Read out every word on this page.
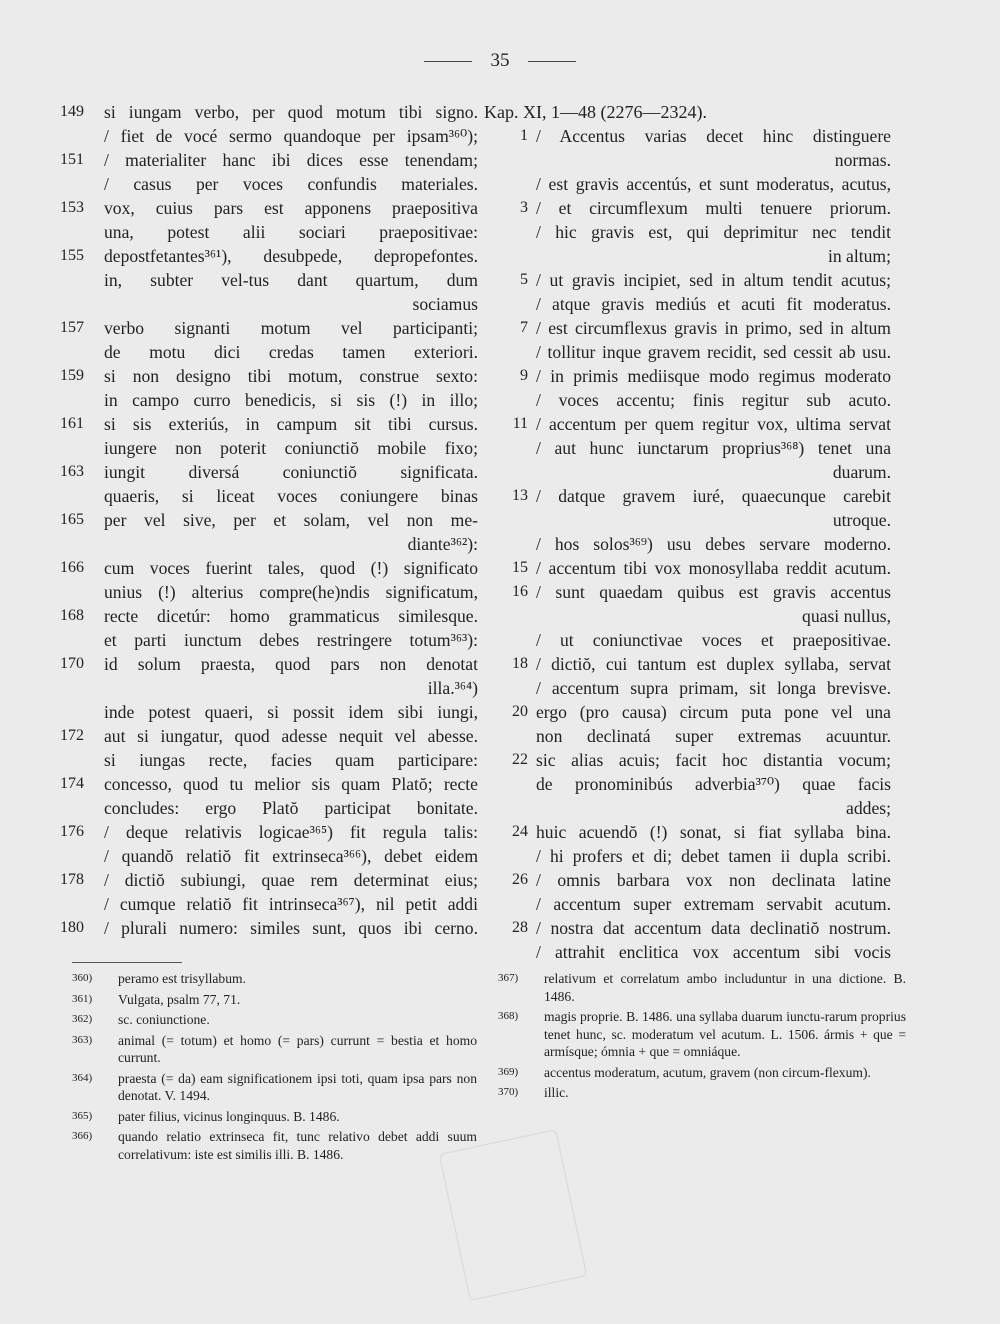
35
149	si iungam verbo, per quod motum tibi signo.
/ fiet de vocé sermo quandoque per ipsam³⁶⁰);
151	/ materialiter hanc ibi dices esse tenendam;
/ casus per voces confundis materiales.
153	vox, cuius pars est apponens praepositiva
una, potest alii sociari praepositivae:
155	depostfetantes³⁶¹), desubpede, depropefontes.
in, subter vel-tus dant quartum, dum
sociamus
157	verbo signanti motum vel participanti;
de motu dici credas tamen exteriori.
159	si non designo tibi motum, construe sexto:
in campo curro benedicis, si sis (!) in illo;
161	si sis exteriús, in campum sit tibi cursus.
iungere non poterit coniunctiŏ mobile fixo;
163	iungit diversá coniunctiŏ significata.
quaeris, si liceat voces coniungere binas
165	per vel sive, per et solam, vel non me-
diante³⁶²):
166	cum voces fuerint tales, quod (!) significato
unius (!) alterius compre(he)ndis significatum,
168	recte dicetúr: homo grammaticus similesque.
et parti iunctum debes restringere totum³⁶³):
170	id solum praesta, quod pars non denotat
illa.³⁶⁴)
inde potest quaeri, si possit idem sibi iungi,
172	aut si iungatur, quod adesse nequit vel abesse.
si iungas recte, facies quam participare:
174	concesso, quod tu melior sis quam Platŏ; recte
concludes: ergo Platŏ participat bonitate.
176	/ deque relativis logicae³⁶⁵) fit regula talis:
/ quandŏ relatiŏ fit extrinseca³⁶⁶), debet eidem
178	/ dictiŏ subiungi, quae rem determinat eius;
/ cumque relatiŏ fit intrinseca³⁶⁷), nil petit addi
180	/ plurali numero: similes sunt, quos ibi cerno.
Kap. XI, 1—48 (2276—2324).
1 / Accentus varias decet hinc distinguere
normas.
/ est gravis accentús, et sunt moderatus, acutus,
3 / et circumflexum multi tenuere priorum.
/ hic gravis est, qui deprimitur nec tendit
in altum;
5 / ut gravis incipiet, sed in altum tendit acutus;
/ atque gravis mediús et acuti fit moderatus.
7 / est circumflexus gravis in primo, sed in altum
/ tollitur inque gravem recidit, sed cessit ab usu.
9 / in primis mediisque modo regimus moderato
/ voces accentu; finis regitur sub acuto.
11 / accentum per quem regitur vox, ultima servat
/ aut hunc iunctarum proprius³⁶⁸) tenet una
duarum.
13 / datque gravem iuré, quaecunque carebit
utroque.
/ hos solos³⁶⁹) usu debes servare moderno.
15 / accentum tibi vox monosyllaba reddit acutum.
16 / sunt quaedam quibus est gravis accentus
quasi nullus,
/ ut coniunctivae voces et praepositivae.
18 / dictiŏ, cui tantum est duplex syllaba, servat
/ accentum supra primam, sit longa brevisve.
20 ergo (pro causa) circum puta pone vel una
non declinatá super extremas acuuntur.
22 sic alias acuis; facit hoc distantia vocum;
de pronominibús adverbia³⁷⁰) quae facis
addes;
24 huic acuendŏ (!) sonat, si fiat syllaba bina.
/ hi profers et di; debet tamen ii dupla scribi.
26 / omnis barbara vox non declinata latine
/ accentum super extremam servabit acutum.
28 / nostra dat accentum data declinatiŏ nostrum.
/ attrahit enclitica vox accentum sibi vocis
360)	peramo est trisyllabum.
361)	Vulgata, psalm 77, 71.
362)	sc. coniunctione.
363)	animal (= totum) et homo (= pars) currunt = bestia et homo currunt.
364)	praesta (= da) eam significationem ipsi toti, quam ipsa pars non denotat. V. 1494.
365)	pater filius, vicinus longinquus. B. 1486.
366)	quando relatio extrinseca fit, tunc relativo debet addi suum correlativum: iste est similis illi. B. 1486.
367)	relativum et correlatum ambo includuntur in una dictione. B. 1486.
368)	magis proprie. B. 1486. una syllaba duarum iunctu-rarum proprius tenet hunc, sc. moderatum vel acutum. L. 1506. ármis + que = armísque; ómnia + que = omniáque.
369)	accentus moderatum, acutum, gravem (non circum-flexum).
370)	illic.
